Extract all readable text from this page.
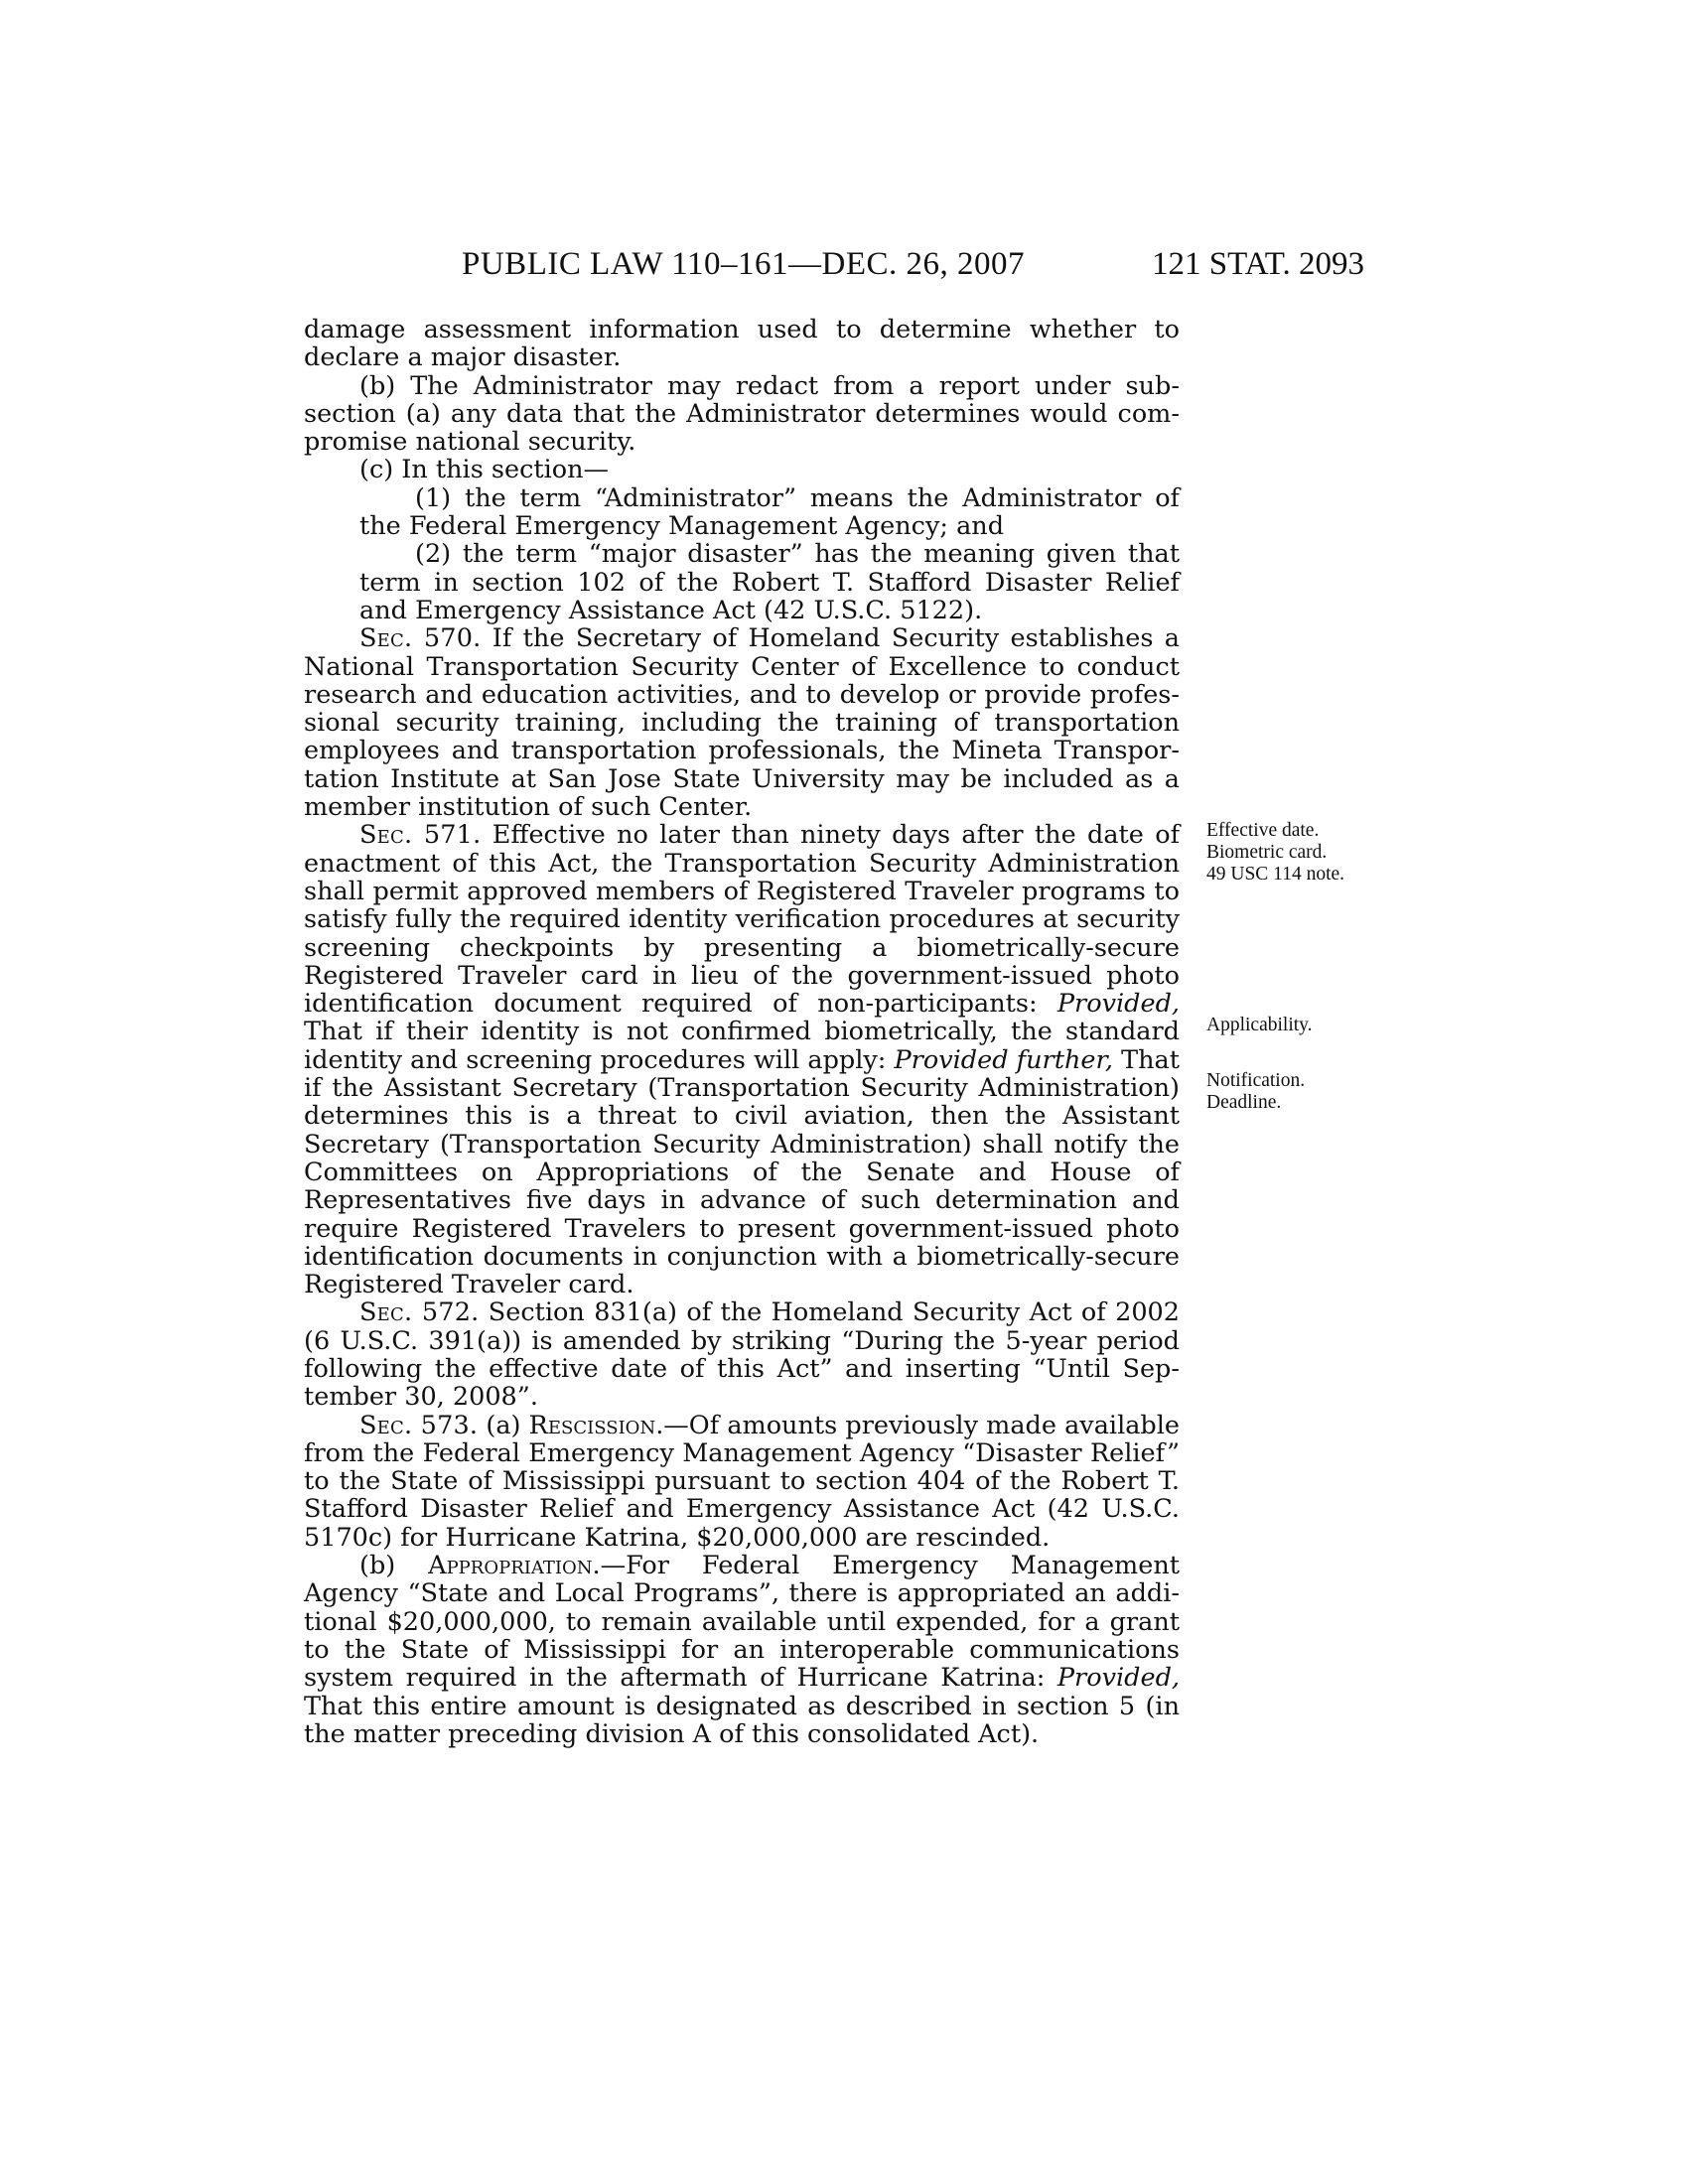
PUBLIC LAW 110–161—DEC. 26, 2007	121 STAT. 2093

damage assessment information used to determine whether to declare a major disaster.

(b) The Administrator may redact from a report under subsection (a) any data that the Administrator determines would compromise national security.

(c) In this section—

(1) the term “Administrator” means the Administrator of the Federal Emergency Management Agency; and

(2) the term “major disaster” has the meaning given that term in section 102 of the Robert T. Stafford Disaster Relief and Emergency Assistance Act (42 U.S.C. 5122).

Sec. 570. If the Secretary of Homeland Security establishes a National Transportation Security Center of Excellence to conduct research and education activities, and to develop or provide professional security training, including the training of transportation employees and transportation professionals, the Mineta Transportation Institute at San Jose State University may be included as a member institution of such Center.

Sec. 571. Effective no later than ninety days after the date of enactment of this Act, the Transportation Security Administration shall permit approved members of Registered Traveler programs to satisfy fully the required identity verification procedures at security screening checkpoints by presenting a biometrically-secure Registered Traveler card in lieu of the government-issued photo identification document required of non-participants: Provided, That if their identity is not confirmed biometrically, the standard identity and screening procedures will apply: Provided further, That if the Assistant Secretary (Transportation Security Administration) determines this is a threat to civil aviation, then the Assistant Secretary (Transportation Security Administration) shall notify the Committees on Appropriations of the Senate and House of Representatives five days in advance of such determination and require Registered Travelers to present government-issued photo identification documents in conjunction with a biometrically-secure Registered Traveler card.

Sec. 572. Section 831(a) of the Homeland Security Act of 2002 (6 U.S.C. 391(a)) is amended by striking “During the 5-year period following the effective date of this Act” and inserting “Until September 30, 2008”.

Sec. 573. (a) Rescission.—Of amounts previously made available from the Federal Emergency Management Agency “Disaster Relief” to the State of Mississippi pursuant to section 404 of the Robert T. Stafford Disaster Relief and Emergency Assistance Act (42 U.S.C. 5170c) for Hurricane Katrina, $20,000,000 are rescinded.

(b) Appropriation.—For Federal Emergency Management Agency “State and Local Programs”, there is appropriated an additional $20,000,000, to remain available until expended, for a grant to the State of Mississippi for an interoperable communications system required in the aftermath of Hurricane Katrina: Provided, That this entire amount is designated as described in section 5 (in the matter preceding division A of this consolidated Act).

Effective date.
Biometric card.
49 USC 114 note.
Applicability.
Notification.
Deadline.
